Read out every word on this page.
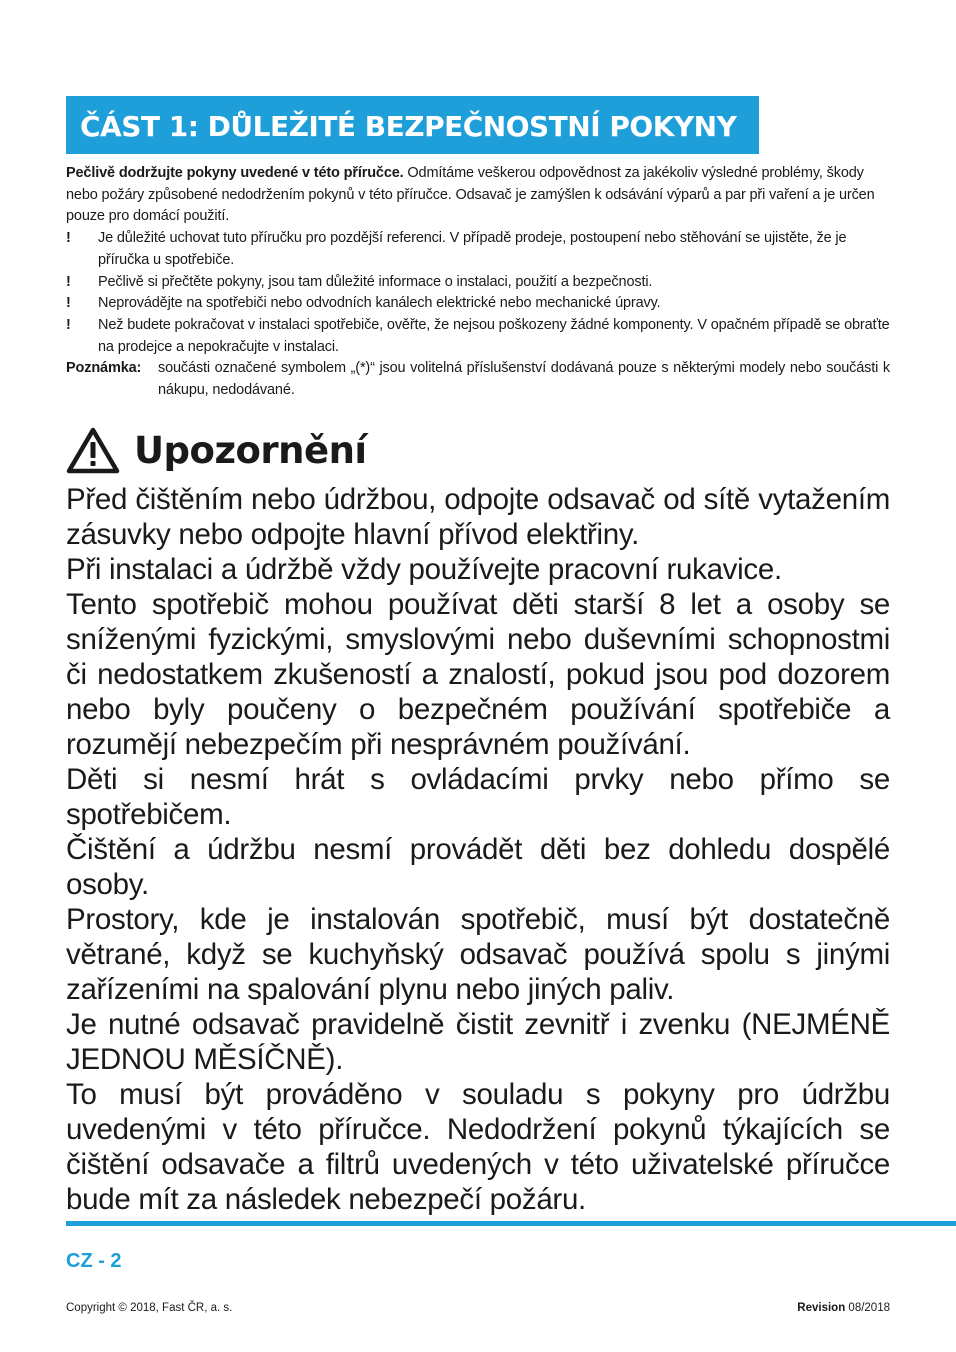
ČÁST 1: DŮLEŽITÉ BEZPEČNOSTNÍ POKYNY

Pečlivě dodržujte pokyny uvedené v této příručce. Odmítáme veškerou odpovědnost za jakékoliv výsledné problémy, škody nebo požáry způsobené nedodržením pokynů v této příručce. Odsavač je zamýšlen k odsávání výparů a par při vaření a je určen pouze pro domácí použití.

!	Je důležité uchovat tuto příručku pro pozdější referenci. V případě prodeje, postoupení nebo stěhování se ujistěte, že je příručka u spotřebiče.
!	Pečlivě si přečtěte pokyny, jsou tam důležité informace o instalaci, použití a bezpečnosti.
!	Neprovádějte na spotřebiči nebo odvodních kanálech elektrické nebo mechanické úpravy.
!	Než budete pokračovat v instalaci spotřebiče, ověřte, že nejsou poškozeny žádné komponenty. V opačném případě se obraťte na prodejce a nepokračujte v instalaci.
Poznámka:	součásti označené symbolem „(*)“ jsou volitelná příslušenství dodávaná pouze s některými modely nebo součásti k nákupu, nedodávané.
Upozornění

Před čištěním nebo údržbou, odpojte odsavač od sítě vytažením zásuvky nebo odpojte hlavní přívod elektřiny.

Při instalaci a údržbě vždy používejte pracovní rukavice.

Tento spotřebič mohou používat děti starší 8 let a osoby se sníženými fyzickými, smyslovými nebo duševními schopnostmi či nedostatkem zkušeností a znalostí, pokud jsou pod dozorem nebo byly poučeny o bezpečném používání spotřebiče a rozumějí nebezpečím při nesprávném používání.

Děti si nesmí hrát s ovládacími prvky nebo přímo se spotřebičem.

Čištění a údržbu nesmí provádět děti bez dohledu dospělé osoby.

Prostory, kde je instalován spotřebič, musí být dostatečně větrané, když se kuchyňský odsavač používá spolu s jinými zařízeními na spalování plynu nebo jiných paliv.

Je nutné odsavač pravidelně čistit zevnitř i zvenku (NEJMÉNĚ JEDNOU MĚSÍČNĚ).

To musí být prováděno v souladu s pokyny pro údržbu uvedenými v této příručce. Nedodržení pokynů týkajících se čištění odsavače a filtrů uvedených v této uživatelské příručce bude mít za následek nebezpečí požáru.

CZ - 2
Copyright © 2018, Fast ČR, a. s.	Revision 08/2018
